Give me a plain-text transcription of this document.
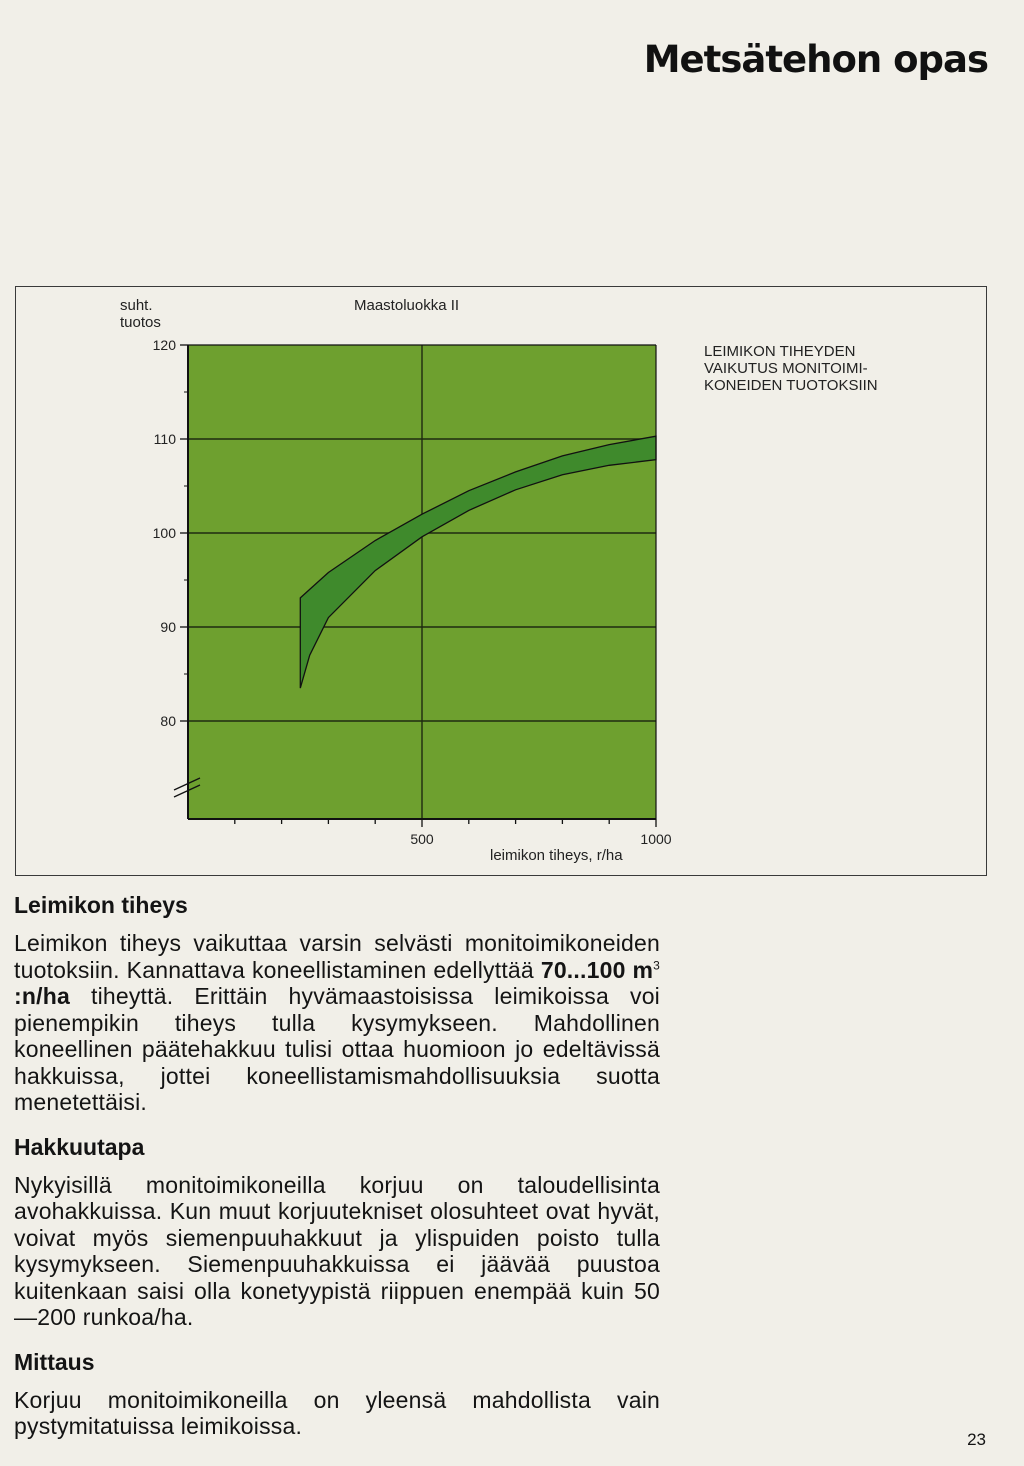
Metsätehon opas
suht.
tuotos
Maastoluokka II
LEIMIKON TIHEYDEN
VAIKUTUS MONITOIMI-
KONEIDEN TUOTOKSIIN
80
90
100
110
120
500	1000
leimikon tiheys, r/ha
Leimikon tiheys

Leimikon tiheys vaikuttaa varsin selvästi monitoimikoneiden tuotoksiin. Kannattava koneellistaminen edellyttää 70...100 $m^3$ :n/ha tiheyttä. Erittäin hyvämaastoisissa leimikoissa voi pienempikin tiheys tulla kysymykseen. Mahdollinen koneellinen päätehakkuu tulisi ottaa huomioon jo edeltävissä hakkuissa, jottei koneellistamismahdollisuuksia suotta menetettäisi.

Hakkuutapa

Nykyisillä monitoimikoneilla korjuu on taloudellisinta avohakkuissa. Kun muut korjuutekniset olosuhteet ovat hyvät, voivat myös siemenpuuhakkuut ja ylispuiden poisto tulla kysymykseen. Siemenpuuhakkuissa ei jäävää puustoa kuitenkaan saisi olla konetyypistä riippuen enempää kuin 50—200 runkoa/ha.

Mittaus

Korjuu monitoimikoneilla on yleensä mahdollista vain pystymitatuissa leimikoissa.

23
